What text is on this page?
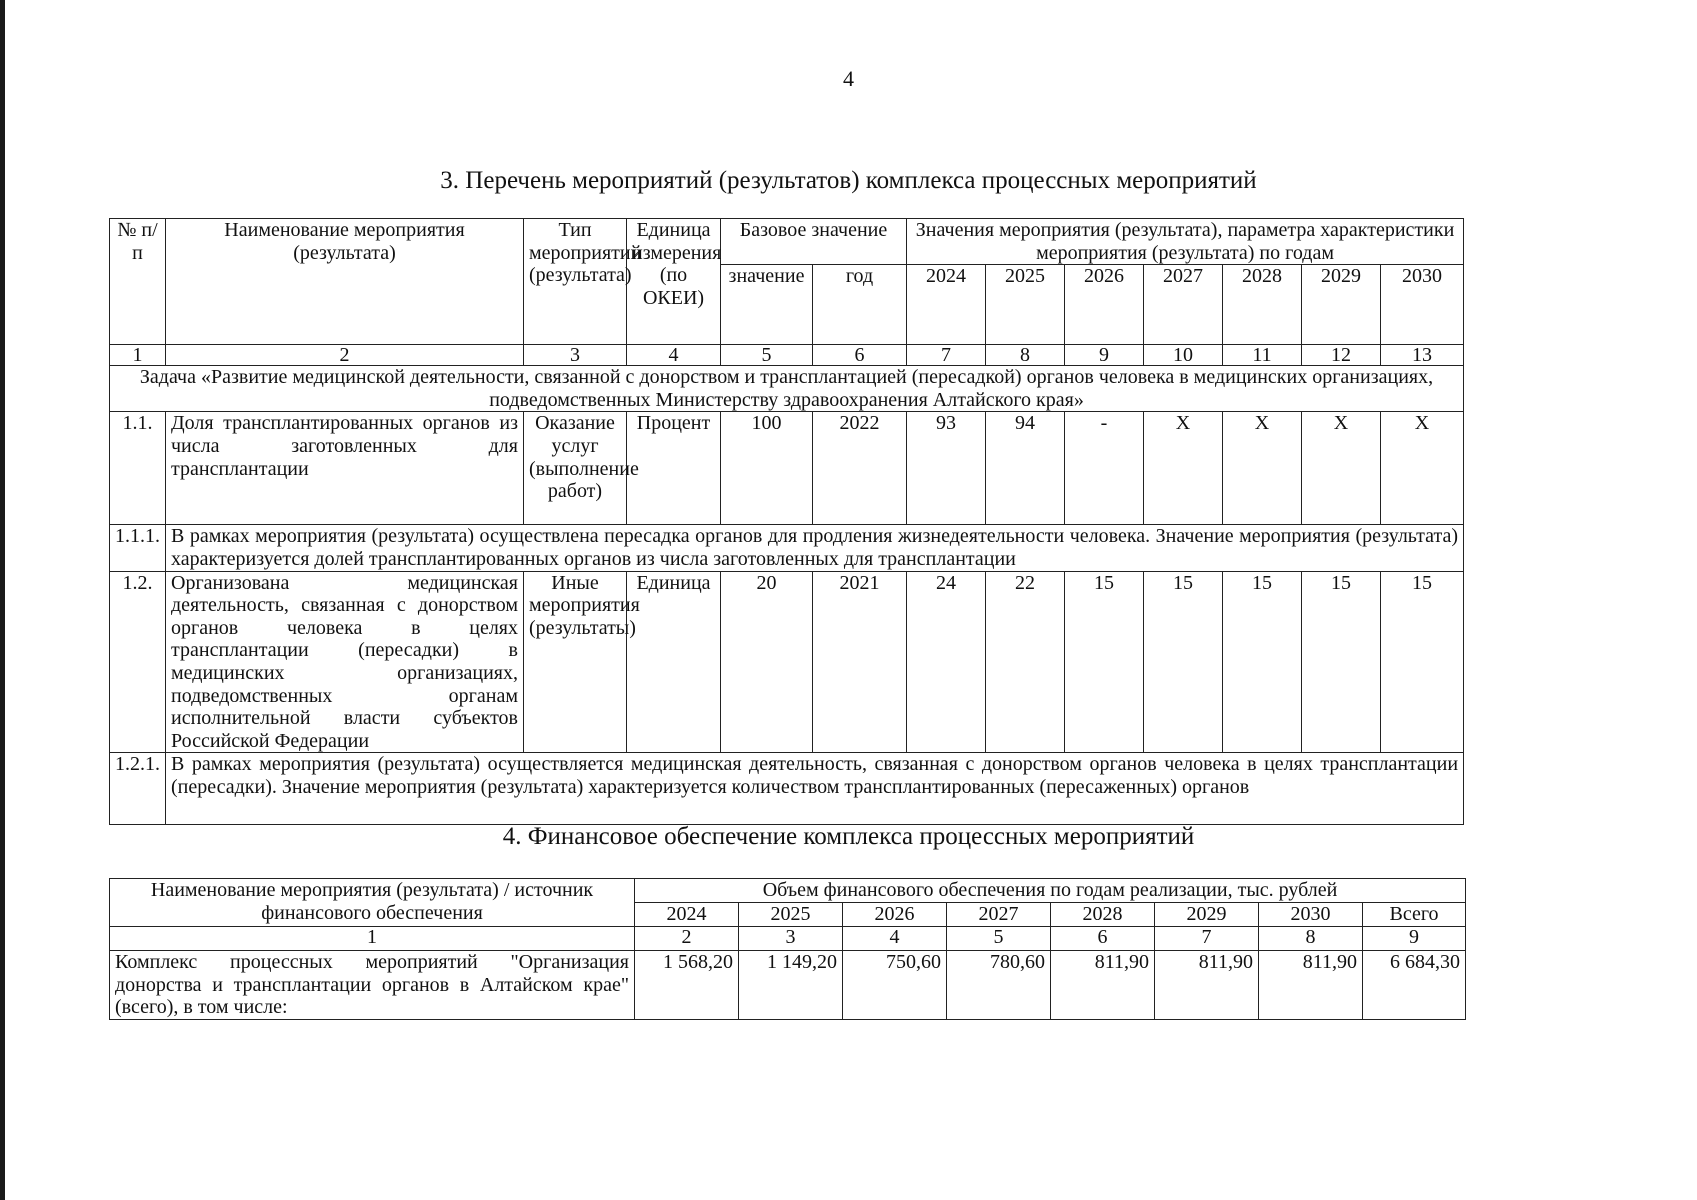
4
3. Перечень мероприятий (результатов) комплекса процессных мероприятий
№ п/п	Наименование мероприятия (результата)	Тип мероприятий (результата)	Единица измерения (по ОКЕИ)	Базовое значение		Значения мероприятия (результата), параметра характеристики мероприятия (результата) по годам						
				значение	год	2024	2025	2026	2027	2028	2029	2030
1	2	3	4	5	6	7	8	9	10	11	12	13
Задача «Развитие медицинской деятельности, связанной с донорством и трансплантацией (пересадкой) органов человека в медицинских организациях, подведомственных Министерству здравоохранения Алтайского края»												
1.1.	Доля трансплантированных органов из числа заготовленных для трансплантации	Оказание услуг (выполнение работ)	Процент	100	2022	93	94	-	X	X	X	X
1.1.1.	В рамках мероприятия (результата) осуществлена пересадка органов для продления жизнедеятельности человека. Значение мероприятия (результата) характеризуется долей трансплантированных органов из числа заготовленных для трансплантации											
1.2.	Организована медицинская деятельность, связанная с донорством органов человека в целях трансплантации (пересадки) в медицинских организациях, подведомственных органам исполнительной власти субъектов Российской Федерации	Иные мероприятия (результаты)	Единица	20	2021	24	22	15	15	15	15	15
1.2.1.	В рамках мероприятия (результата) осуществляется медицинская деятельность, связанная с донорством органов человека в целях трансплантации (пересадки). Значение мероприятия (результата) характеризуется количеством трансплантированных (пересаженных) органов											
4. Финансовое обеспечение комплекса процессных мероприятий
Наименование мероприятия (результата) / источник финансового обеспечения	Объем финансового обеспечения по годам реализации, тыс. рублей							
	2024	2025	2026	2027	2028	2029	2030	Всего
1	2	3	4	5	6	7	8	9
Комплекс процессных мероприятий "Организация донорства и трансплантации органов в Алтайском крае" (всего), в том числе:	1 568,20	1 149,20	750,60	780,60	811,90	811,90	811,90	6 684,30
